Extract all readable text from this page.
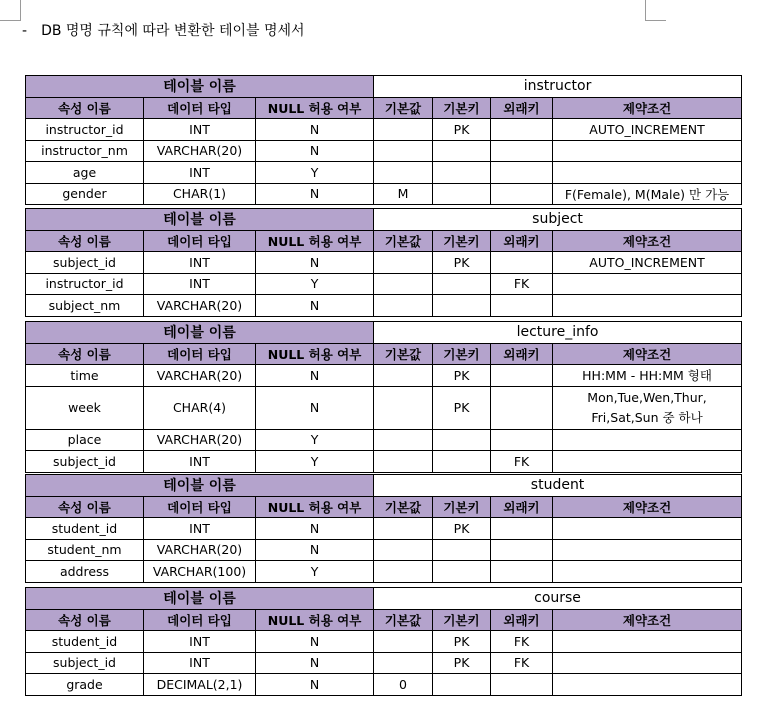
- DB 명명 규칙에 따라 변환한 테이블 명세서
테이블 이름			instructor			
속성 이름	데이터 타입	NULL 허용 여부	기본값	기본키	외래키	제약조건
instructor_id	INT	N		PK		AUTO_INCREMENT
instructor_nm	VARCHAR(20)	N				
age	INT	Y				
gender	CHAR(1)	N	M			F(Female), M(Male) 만 가능
테이블 이름			subject			
속성 이름	데이터 타입	NULL 허용 여부	기본값	기본키	외래키	제약조건
subject_id	INT	N		PK		AUTO_INCREMENT
instructor_id	INT	Y			FK	
subject_nm	VARCHAR(20)	N				
테이블 이름			lecture_info			
속성 이름	데이터 타입	NULL 허용 여부	기본값	기본키	외래키	제약조건
time	VARCHAR(20)	N		PK		HH:MM - HH:MM 형태
week	CHAR(4)	N		PK		Mon,Tue,Wen,Thur, Fri,Sat,Sun 중 하나
place	VARCHAR(20)	Y				
subject_id	INT	Y			FK	
테이블 이름			student			
속성 이름	데이터 타입	NULL 허용 여부	기본값	기본키	외래키	제약조건
student_id	INT	N		PK		
student_nm	VARCHAR(20)	N				
address	VARCHAR(100)	Y				
테이블 이름			course			
속성 이름	데이터 타입	NULL 허용 여부	기본값	기본키	외래키	제약조건
student_id	INT	N		PK	FK	
subject_id	INT	N		PK	FK	
grade	DECIMAL(2,1)	N	0			
